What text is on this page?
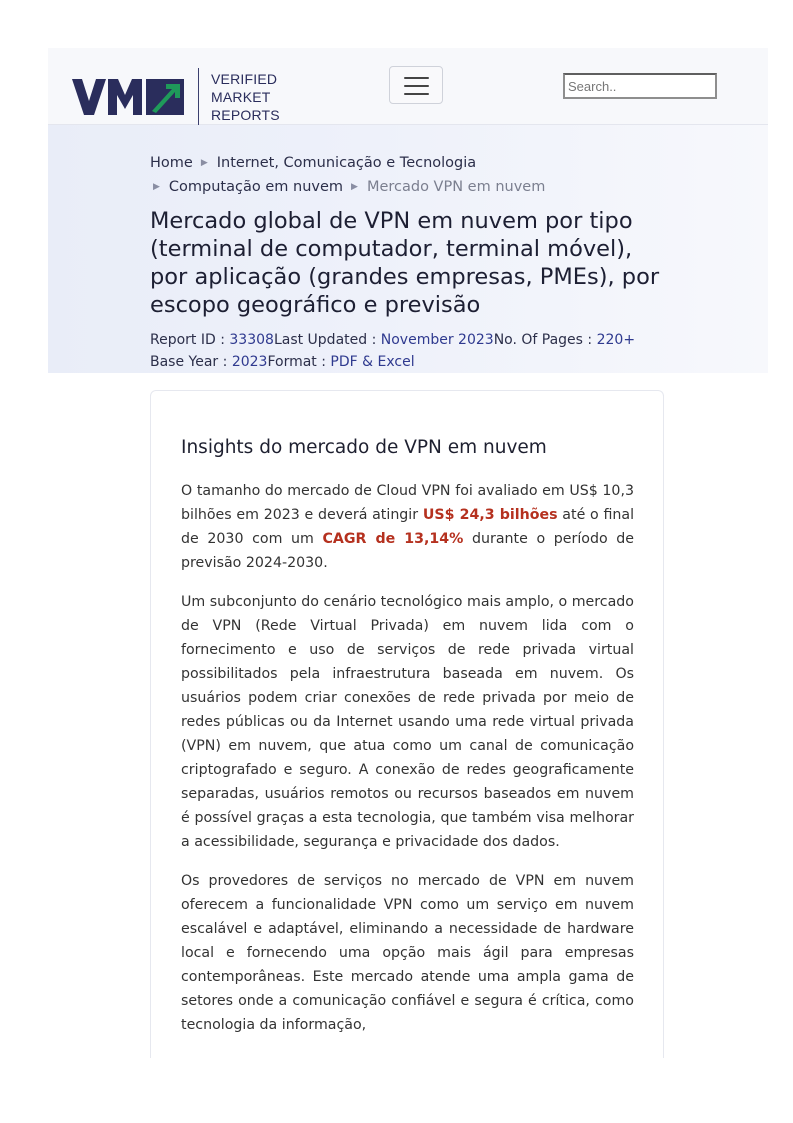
VERIFIED
MARKET
REPORTS
Search..
Home ▶ Internet, Comunicação e Tecnologia
▶ Computação em nuvem ▶ Mercado VPN em nuvem
Mercado global de VPN em nuvem por tipo (terminal de computador, terminal móvel), por aplicação (grandes empresas, PMEs), por escopo geográfico e previsão
Report ID : 33308Last Updated : November 2023No. Of Pages : 220+
Base Year : 2023Format : PDF & Excel
Insights do mercado de VPN em nuvem

O tamanho do mercado de Cloud VPN foi avaliado em US$ 10,3 bilhões em 2023 e deverá atingir US$ 24,3 bilhões até o final de 2030 com um CAGR de 13,14% durante o período de previsão 2024-2030.

Um subconjunto do cenário tecnológico mais amplo, o mercado de VPN (Rede Virtual Privada) em nuvem lida com o fornecimento e uso de serviços de rede privada virtual possibilitados pela infraestrutura baseada em nuvem. Os usuários podem criar conexões de rede privada por meio de redes públicas ou da Internet usando uma rede virtual privada (VPN) em nuvem, que atua como um canal de comunicação criptografado e seguro. A conexão de redes geograficamente separadas, usuários remotos ou recursos baseados em nuvem é possível graças a esta tecnologia, que também visa melhorar a acessibilidade, segurança e privacidade dos dados.

Os provedores de serviços no mercado de VPN em nuvem oferecem a funcionalidade VPN como um serviço em nuvem escalável e adaptável, eliminando a necessidade de hardware local e fornecendo uma opção mais ágil para empresas contemporâneas. Este mercado atende uma ampla gama de setores onde a comunicação confiável e segura é crítica, como tecnologia da informação,
